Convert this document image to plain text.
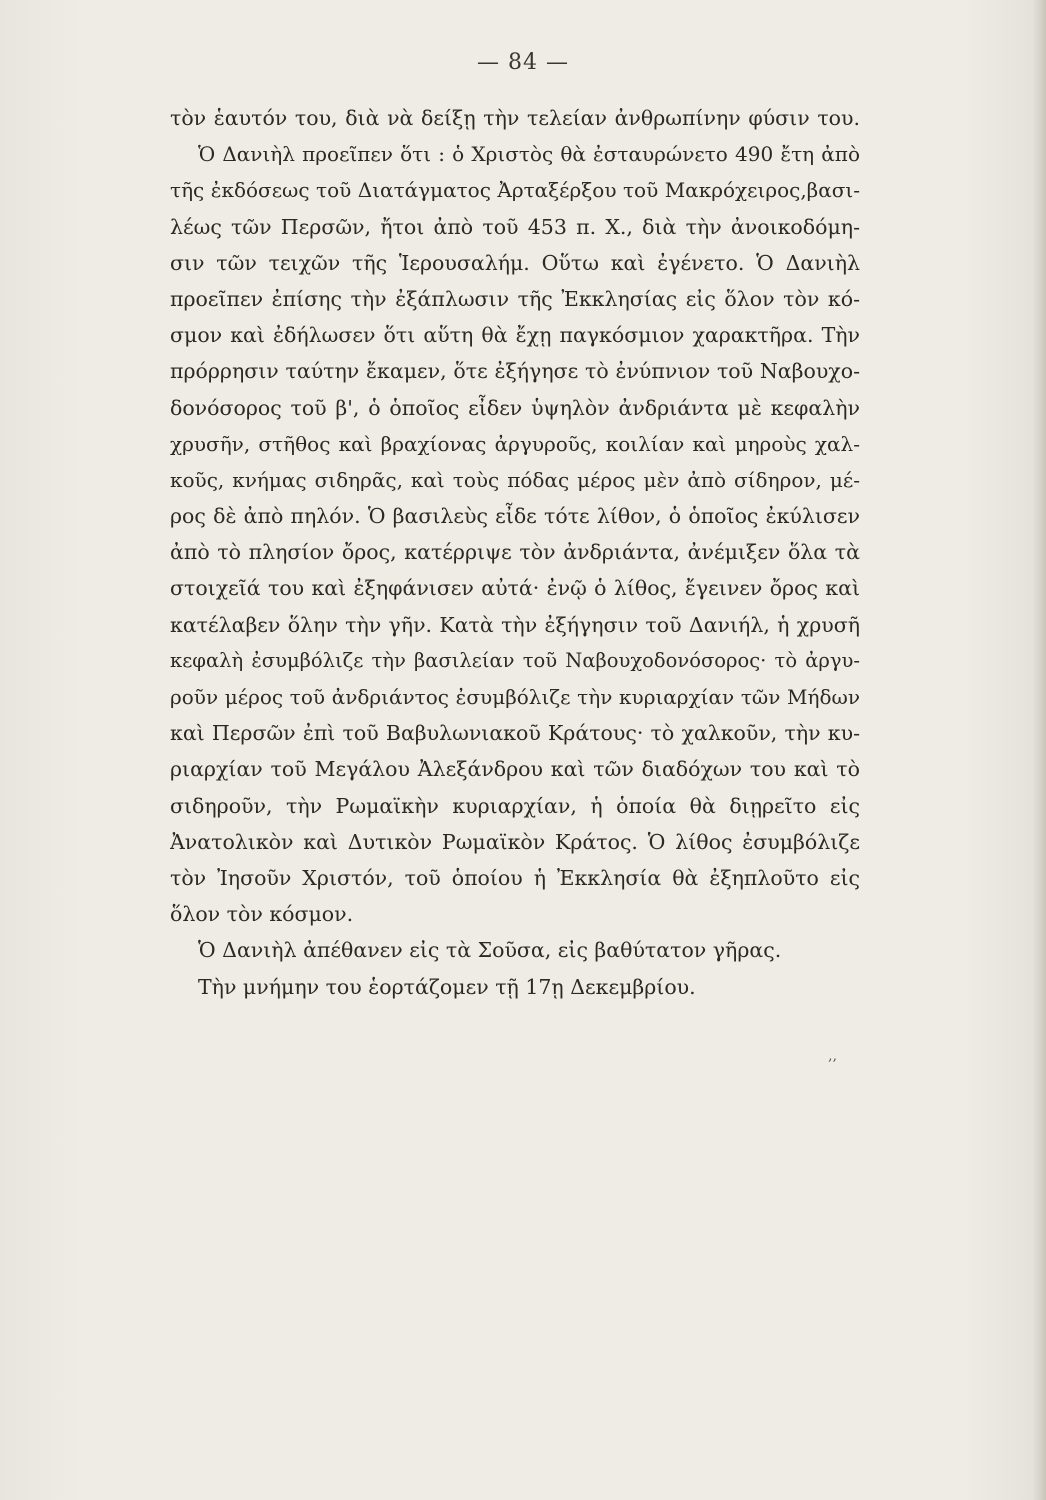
— 84 —
τὸν ἑαυτόν του, διὰ νὰ δείξῃ τὴν τελείαν ἀνθρωπίνην φύσιν του.
Ὁ Δανιὴλ προεῖπεν ὅτι : ὁ Χριστὸς θὰ ἐσταυρώνετο 490 ἔτη ἀπὸ
τῆς ἐκδόσεως τοῦ Διατάγματος Ἀρταξέρξου τοῦ Μακρόχειρος,βασι-
λέως τῶν Περσῶν, ἤτοι ἀπὸ τοῦ 453 π. Χ., διὰ τὴν ἀνοικοδόμη-
σιν τῶν τειχῶν τῆς Ἱερουσαλήμ. Οὕτω καὶ ἐγένετο. Ὁ Δανιὴλ
προεῖπεν ἐπίσης τὴν ἐξάπλωσιν τῆς Ἐκκλησίας εἰς ὅλον τὸν κό-
σμον καὶ ἐδήλωσεν ὅτι αὕτη θὰ ἔχῃ παγκόσμιον χαρακτῆρα. Τὴν
πρόρρησιν ταύτην ἔκαμεν, ὅτε ἐξήγησε τὸ ἐνύπνιον τοῦ Ναβουχο-
δονόσορος τοῦ β', ὁ ὁποῖος εἶδεν ὑψηλὸν ἀνδριάντα μὲ κεφαλὴν
χρυσῆν, στῆθος καὶ βραχίονας ἀργυροῦς, κοιλίαν καὶ μηροὺς χαλ-
κοῦς, κνήμας σιδηρᾶς, καὶ τοὺς πόδας μέρος μὲν ἀπὸ σίδηρον, μέ-
ρος δὲ ἀπὸ πηλόν. Ὁ βασιλεὺς εἶδε τότε λίθον, ὁ ὁποῖος ἐκύλισεν
ἀπὸ τὸ πλησίον ὄρος, κατέρριψε τὸν ἀνδριάντα, ἀνέμιξεν ὅλα τὰ
στοιχεῖά του καὶ ἐξηφάνισεν αὐτά· ἐνῷ ὁ λίθος, ἔγεινεν ὄρος καὶ
κατέλαβεν ὅλην τὴν γῆν. Κατὰ τὴν ἐξήγησιν τοῦ Δανιήλ, ἡ χρυσῆ
κεφαλὴ ἐσυμβόλιζε τὴν βασιλείαν τοῦ Ναβουχοδονόσορος· τὸ ἀργυ-
ροῦν μέρος τοῦ ἀνδριάντος ἐσυμβόλιζε τὴν κυριαρχίαν τῶν Μήδων
καὶ Περσῶν ἐπὶ τοῦ Βαβυλωνιακοῦ Κράτους· τὸ χαλκοῦν, τὴν κυ-
ριαρχίαν τοῦ Μεγάλου Ἀλεξάνδρου καὶ τῶν διαδόχων του καὶ τὸ
σιδηροῦν, τὴν Ρωμαϊκὴν κυριαρχίαν, ἡ ὁποία θὰ διῃρεῖτο εἰς
Ἀνατολικὸν καὶ Δυτικὸν Ρωμαϊκὸν Κράτος. Ὁ λίθος ἐσυμβόλιζε
τὸν Ἰησοῦν Χριστόν, τοῦ ὁποίου ἡ Ἐκκλησία θὰ ἐξηπλοῦτο εἰς
ὅλον τὸν κόσμον.
Ὁ Δανιὴλ ἀπέθανεν εἰς τὰ Σοῦσα, εἰς βαθύτατον γῆρας.
Τὴν μνήμην του ἑορτάζομεν τῇ 17ῃ Δεκεμβρίου.
‚‚
